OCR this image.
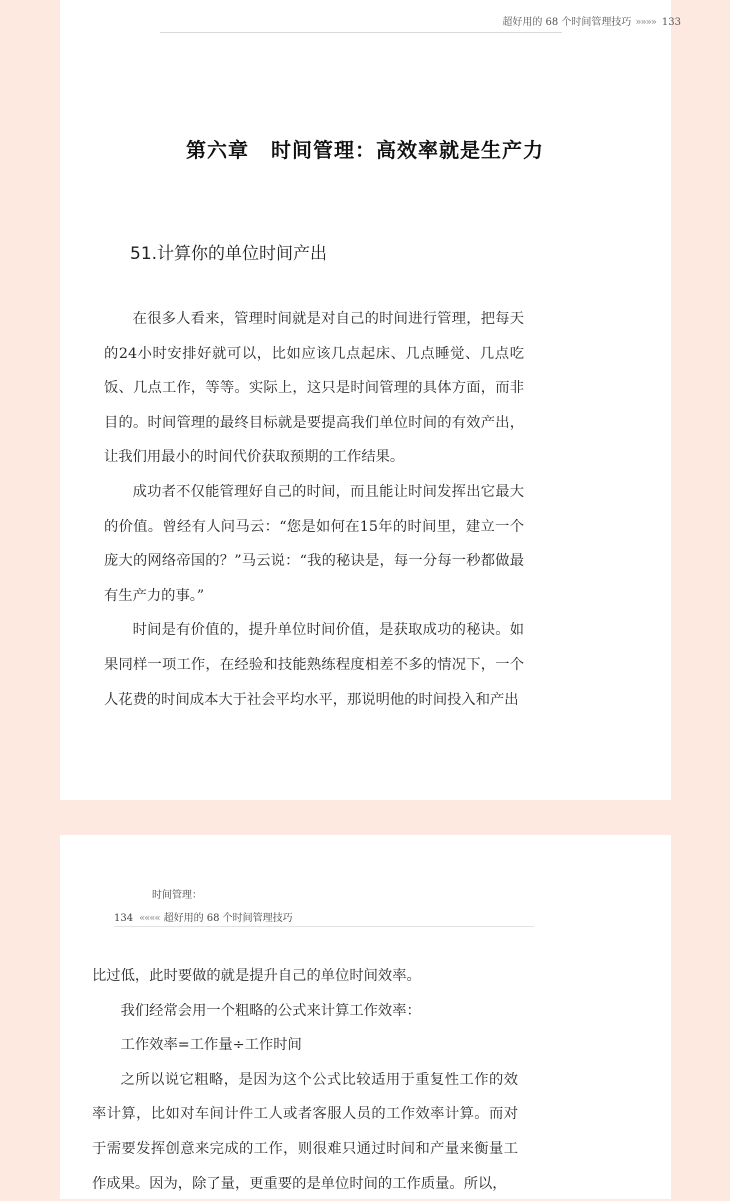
超好用的 68 个时间管理技巧 »»»» 133
第六章 时间管理：高效率就是生产力
51.计算你的单位时间产出

在很多人看来，管理时间就是对自己的时间进行管理，把每天的24小时安排好就可以，比如应该几点起床、几点睡觉、几点吃饭、几点工作，等等。实际上，这只是时间管理的具体方面，而非目的。时间管理的最终目标就是要提高我们单位时间的有效产出，让我们用最小的时间代价获取预期的工作结果。

成功者不仅能管理好自己的时间，而且能让时间发挥出它最大的价值。曾经有人问马云：“您是如何在15年的时间里，建立一个庞大的网络帝国的？”马云说：“我的秘诀是，每一分每一秒都做最有生产力的事。”

时间是有价值的，提升单位时间价值，是获取成功的秘诀。如果同样一项工作，在经验和技能熟练程度相差不多的情况下，一个人花费的时间成本大于社会平均水平，那说明他的时间投入和产出

时间管理：
134 «««« 超好用的 68 个时间管理技巧

比过低，此时要做的就是提升自己的单位时间效率。

我们经常会用一个粗略的公式来计算工作效率：

工作效率=工作量÷工作时间

之所以说它粗略，是因为这个公式比较适用于重复性工作的效率计算，比如对车间计件工人或者客服人员的工作效率计算。而对于需要发挥创意来完成的工作，则很难只通过时间和产量来衡量工作成果。因为，除了量，更重要的是单位时间的工作质量。所以，
